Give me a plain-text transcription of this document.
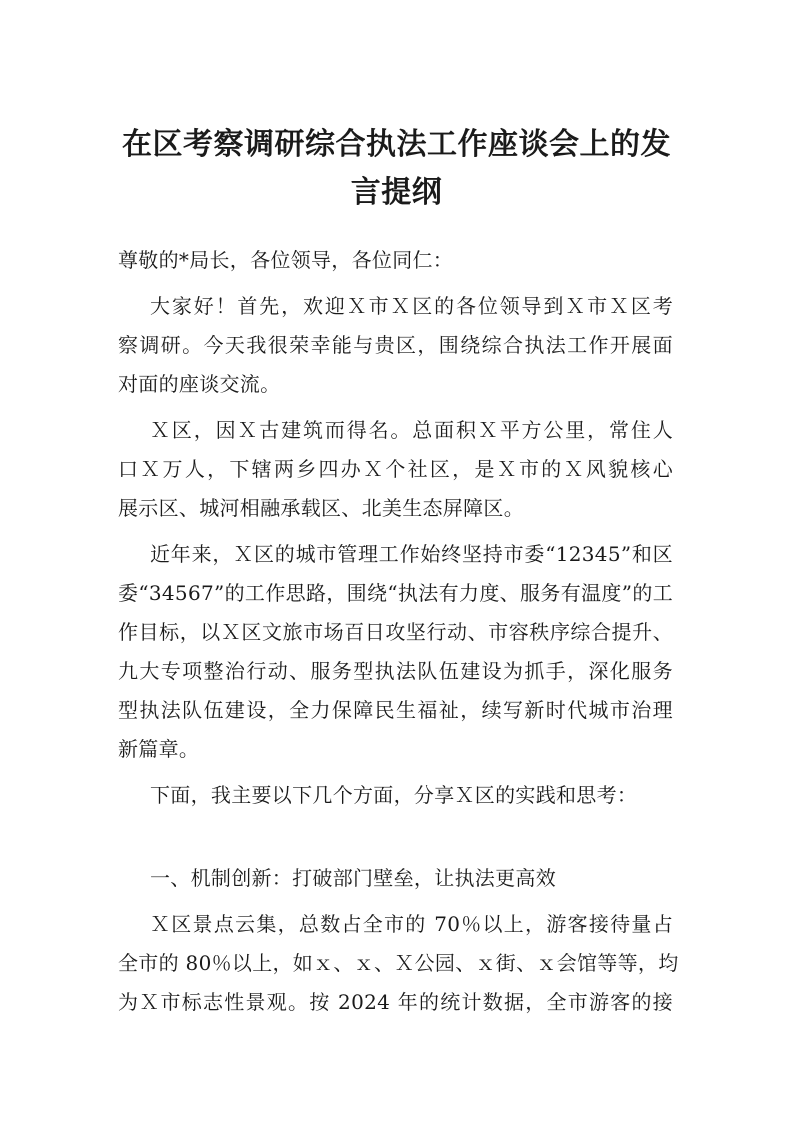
在区考察调研综合执法工作座谈会上的发
言提纲
尊敬的*局长，各位领导，各位同仁：
大家好！首先，欢迎Ｘ市Ｘ区的各位领导到Ｘ市Ｘ区考
察调研。今天我很荣幸能与贵区，围绕综合执法工作开展面
对面的座谈交流。
Ｘ区，因Ｘ古建筑而得名。总面积Ｘ平方公里，常住人
口Ｘ万人，下辖两乡四办Ｘ个社区，是Ｘ市的Ｘ风貌核心
展示区、城河相融承载区、北美生态屏障区。
近年来，Ｘ区的城市管理工作始终坚持市委“12345”和区
委“34567”的工作思路，围绕“执法有力度、服务有温度”的工
作目标，以Ｘ区文旅市场百日攻坚行动、市容秩序综合提升、
九大专项整治行动、服务型执法队伍建设为抓手，深化服务
型执法队伍建设，全力保障民生福祉，续写新时代城市治理
新篇章。
下面，我主要以下几个方面，分享Ｘ区的实践和思考：
一、机制创新：打破部门壁垒，让执法更高效
Ｘ区景点云集，总数占全市的 70％以上，游客接待量占
全市的 80％以上，如ｘ、ｘ、Ｘ公园、ｘ街、ｘ会馆等等，均
为Ｘ市标志性景观。按 2024 年的统计数据，全市游客的接
